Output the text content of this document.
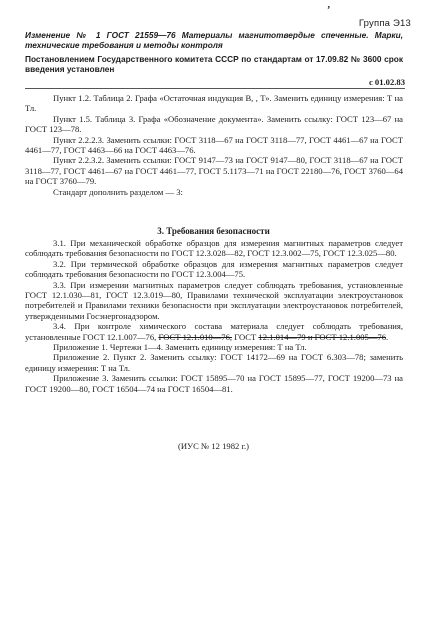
ʼ
Группа Э13
Изменение № 1 ГОСТ 21559—76 Материалы магнитотвердые спеченные. Марки, технические требования и методы контроля
Постановлением Государственного комитета СССР по стандартам от 17.09.82 № 3600 срок введения установлен
с 01.02.83

Пункт 1.2. Таблица 2. Графа «Остаточная индукция B, , Т». Заменить единицу измерения: Т на Тл.

Пункт 1.5. Таблица 3. Графа «Обозначение документа». Заменить ссылку: ГОСТ 123—67 на ГОСТ 123—78.

Пункт 2.2.2.3. Заменить ссылки: ГОСТ 3118—67 на ГОСТ 3118—77, ГОСТ 4461—67 на ГОСТ 4461—77, ГОСТ 4463—66 на ГОСТ 4463—76.

Пункт 2.2.3.2. Заменить ссылки: ГОСТ 9147—73 на ГОСТ 9147—80, ГОСТ 3118—67 на ГОСТ 3118—77, ГОСТ 4461—67 на ГОСТ 4461—77, ГОСТ 5.1173—71 на ГОСТ 22180—76, ГОСТ 3760—64 на ГОСТ 3760—79.

Стандарт дополнить разделом — 3:

3. Требования безопасности

3.1. При механической обработке образцов для измерения магнитных параметров следует соблюдать требования безопасности по ГОСТ 12.3.028—82, ГОСТ 12.3.002—75, ГОСТ 12.3.025—80.

3.2. При термической обработке образцов для измерения магнитных параметров следует соблюдать требования безопасности по ГОСТ 12.3.004—75.

3.3. При измерении магнитных параметров следует соблюдать требования, установленные ГОСТ 12.1.030—81, ГОСТ 12.3.019—80, Правилами технической эксплуатации электроустановок потребителей и Правилами техники безопасности при эксплуатации электроустановок потребителей, утвержденными Госэнергонадзором.

3.4. При контроле химического состава материала следует соблюдать требования, установленные ГОСТ 12.1.007—76, ГОСТ 12.1.010—76, ГОСТ 12.1.014—79 и ГОСТ 12.1.005—76.

Приложение 1. Чертежи 1—4. Заменить единицу измерения: Т на Тл.

Приложение 2. Пункт 2. Заменить ссылку: ГОСТ 14172—69 на ГОСТ 6.303—78; заменить единицу измерения: Т на Тл.

Приложение 3. Заменить ссылки: ГОСТ 15895—70 на ГОСТ 15895—77, ГОСТ 19200—73 на ГОСТ 19200—80, ГОСТ 16504—74 на ГОСТ 16504—81.

(ИУС № 12 1982 г.)
